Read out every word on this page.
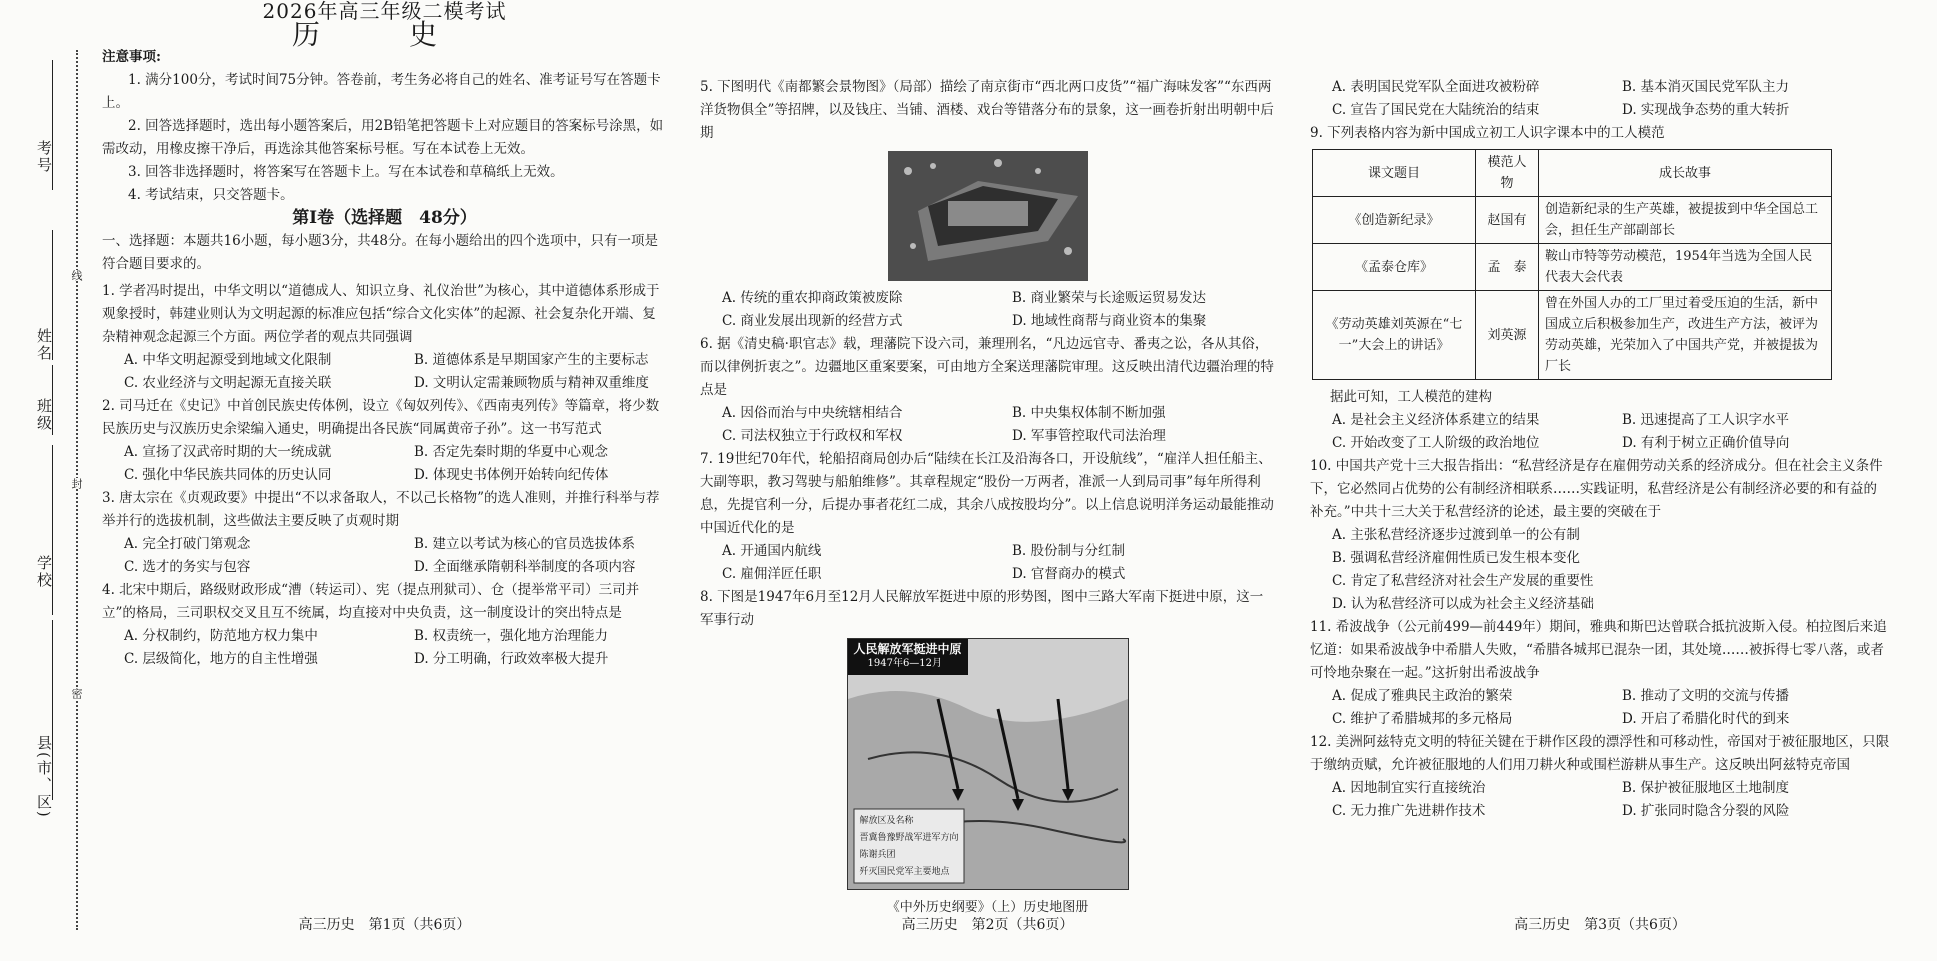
考号
姓名
班级
学校
县(市、区)
线
封
密

2026年高三年级二模考试

历 史

注意事项:

1. 满分100分，考试时间75分钟。答卷前，考生务必将自己的姓名、准考证号写在答题卡上。

2. 回答选择题时，选出每小题答案后，用2B铅笔把答题卡上对应题目的答案标号涂黑，如需改动，用橡皮擦干净后，再选涂其他答案标号框。写在本试卷上无效。

3. 回答非选择题时，将答案写在答题卡上。写在本试卷和草稿纸上无效。

4. 考试结束，只交答题卡。

第Ⅰ卷（选择题　48分）

一、选择题：本题共16小题，每小题3分，共48分。在每小题给出的四个选项中，只有一项是符合题目要求的。

1. 学者冯时提出，中华文明以“道德成人、知识立身、礼仪治世”为核心，其中道德体系形成于观象授时，韩建业则认为文明起源的标准应包括“综合文化实体”的起源、社会复杂化开端、复杂精神观念起源三个方面。两位学者的观点共同强调

A. 中华文明起源受到地域文化限制	B. 道德体系是早期国家产生的主要标志
C. 农业经济与文明起源无直接关联	D. 文明认定需兼顾物质与精神双重维度

2. 司马迁在《史记》中首创民族史传体例，设立《匈奴列传》、《西南夷列传》等篇章，将少数民族历史与汉族历史余梁编入通史，明确提出各民族“同属黄帝子孙”。这一书写范式

A. 宣扬了汉武帝时期的大一统成就	B. 否定先秦时期的华夏中心观念
C. 强化中华民族共同体的历史认同	D. 体现史书体例开始转向纪传体

3. 唐太宗在《贞观政要》中提出“不以求备取人，不以己长格物”的选人准则，并推行科举与荐举并行的选拔机制，这些做法主要反映了贞观时期

A. 完全打破门第观念	B. 建立以考试为核心的官员选拔体系
C. 选才的务实与包容	D. 全面继承隋朝科举制度的各项内容

4. 北宋中期后，路级财政形成“漕（转运司）、宪（提点刑狱司）、仓（提举常平司）三司并立”的格局，三司职权交叉且互不统属，均直接对中央负责，这一制度设计的突出特点是

A. 分权制约，防范地方权力集中	B. 权责统一，强化地方治理能力
C. 层级简化，地方的自主性增强	D. 分工明确，行政效率极大提升
高三历史　第1页（共6页）

5. 下图明代《南都繁会景物图》（局部）描绘了南京街市“西北两口皮货”“福广海味发客”“东西两洋货物俱全”等招牌，以及钱庄、当铺、酒楼、戏台等错落分布的景象，这一画卷折射出明朝中后期

A. 传统的重农抑商政策被废除	B. 商业繁荣与长途贩运贸易发达
C. 商业发展出现新的经营方式	D. 地域性商帮与商业资本的集聚

6. 据《清史稿·职官志》载，理藩院下设六司，兼理刑名，“凡边远官寺、番夷之讼，各从其俗，而以律例折衷之”。边疆地区重案要案，可由地方全案送理藩院审理。这反映出清代边疆治理的特点是

A. 因俗而治与中央统辖相结合	B. 中央集权体制不断加强
C. 司法权独立于行政权和军权	D. 军事管控取代司法治理

7. 19世纪70年代，轮船招商局创办后“陆续在长江及沿海各口，开设航线”，“雇洋人担任船主、大副等职，教习驾驶与船舶维修”。其章程规定“股份一万两者，准派一人到局司事”每年所得利息，先提官利一分，后提办事者花红二成，其余八成按股均分”。以上信息说明洋务运动最能推动中国近代化的是

A. 开通国内航线	B. 股份制与分红制
C. 雇佣洋匠任职	D. 官督商办的模式

8. 下图是1947年6月至12月人民解放军挺进中原的形势图，图中三路大军南下挺进中原，这一军事行动

人民解放军挺进中原
1947年6—12月
解放区及名称
晋冀鲁豫野战军进军方向
陈谢兵团
歼灭国民党军主要地点

《中外历史纲要》（上）历史地图册

高三历史　第2页（共6页）
A. 表明国民党军队全面进攻被粉碎	B. 基本消灭国民党军队主力
C. 宣告了国民党在大陆统治的结束	D. 实现战争态势的重大转折

9. 下列表格内容为新中国成立初工人识字课本中的工人模范

课文题目	模范人物	成长故事
《创造新纪录》	赵国有	创造新纪录的生产英雄，被提拔到中华全国总工会，担任生产部副部长
《孟泰仓库》	孟　泰	鞍山市特等劳动模范，1954年当选为全国人民代表大会代表
《劳动英雄刘英源在“七一”大会上的讲话》	刘英源	曾在外国人办的工厂里过着受压迫的生活，新中国成立后积极参加生产，改进生产方法，被评为劳动英雄，光荣加入了中国共产党，并被提拔为厂长

据此可知，工人模范的建构

A. 是社会主义经济体系建立的结果	B. 迅速提高了工人识字水平
C. 开始改变了工人阶级的政治地位	D. 有利于树立正确价值导向

10. 中国共产党十三大报告指出：“私营经济是存在雇佣劳动关系的经济成分。但在社会主义条件下，它必然同占优势的公有制经济相联系……实践证明，私营经济是公有制经济必要的和有益的补充。”中共十三大关于私营经济的论述，最主要的突破在于

A. 主张私营经济逐步过渡到单一的公有制

B. 强调私营经济雇佣性质已发生根本变化

C. 肯定了私营经济对社会生产发展的重要性

D. 认为私营经济可以成为社会主义经济基础

11. 希波战争（公元前499—前449年）期间，雅典和斯巴达曾联合抵抗波斯入侵。柏拉图后来追忆道：如果希波战争中希腊人失败，“希腊各城邦已混杂一团，其处境……被拆得七零八落，或者可怜地杂聚在一起。”这折射出希波战争

A. 促成了雅典民主政治的繁荣	B. 推动了文明的交流与传播
C. 维护了希腊城邦的多元格局	D. 开启了希腊化时代的到来

12. 美洲阿兹特克文明的特征关键在于耕作区段的漂浮性和可移动性，帝国对于被征服地区，只限于缴纳贡赋，允许被征服地的人们用刀耕火种或围栏游耕从事生产。这反映出阿兹特克帝国

A. 因地制宜实行直接统治	B. 保护被征服地区土地制度
C. 无力推广先进耕作技术	D. 扩张同时隐含分裂的风险
高三历史　第3页（共6页）
